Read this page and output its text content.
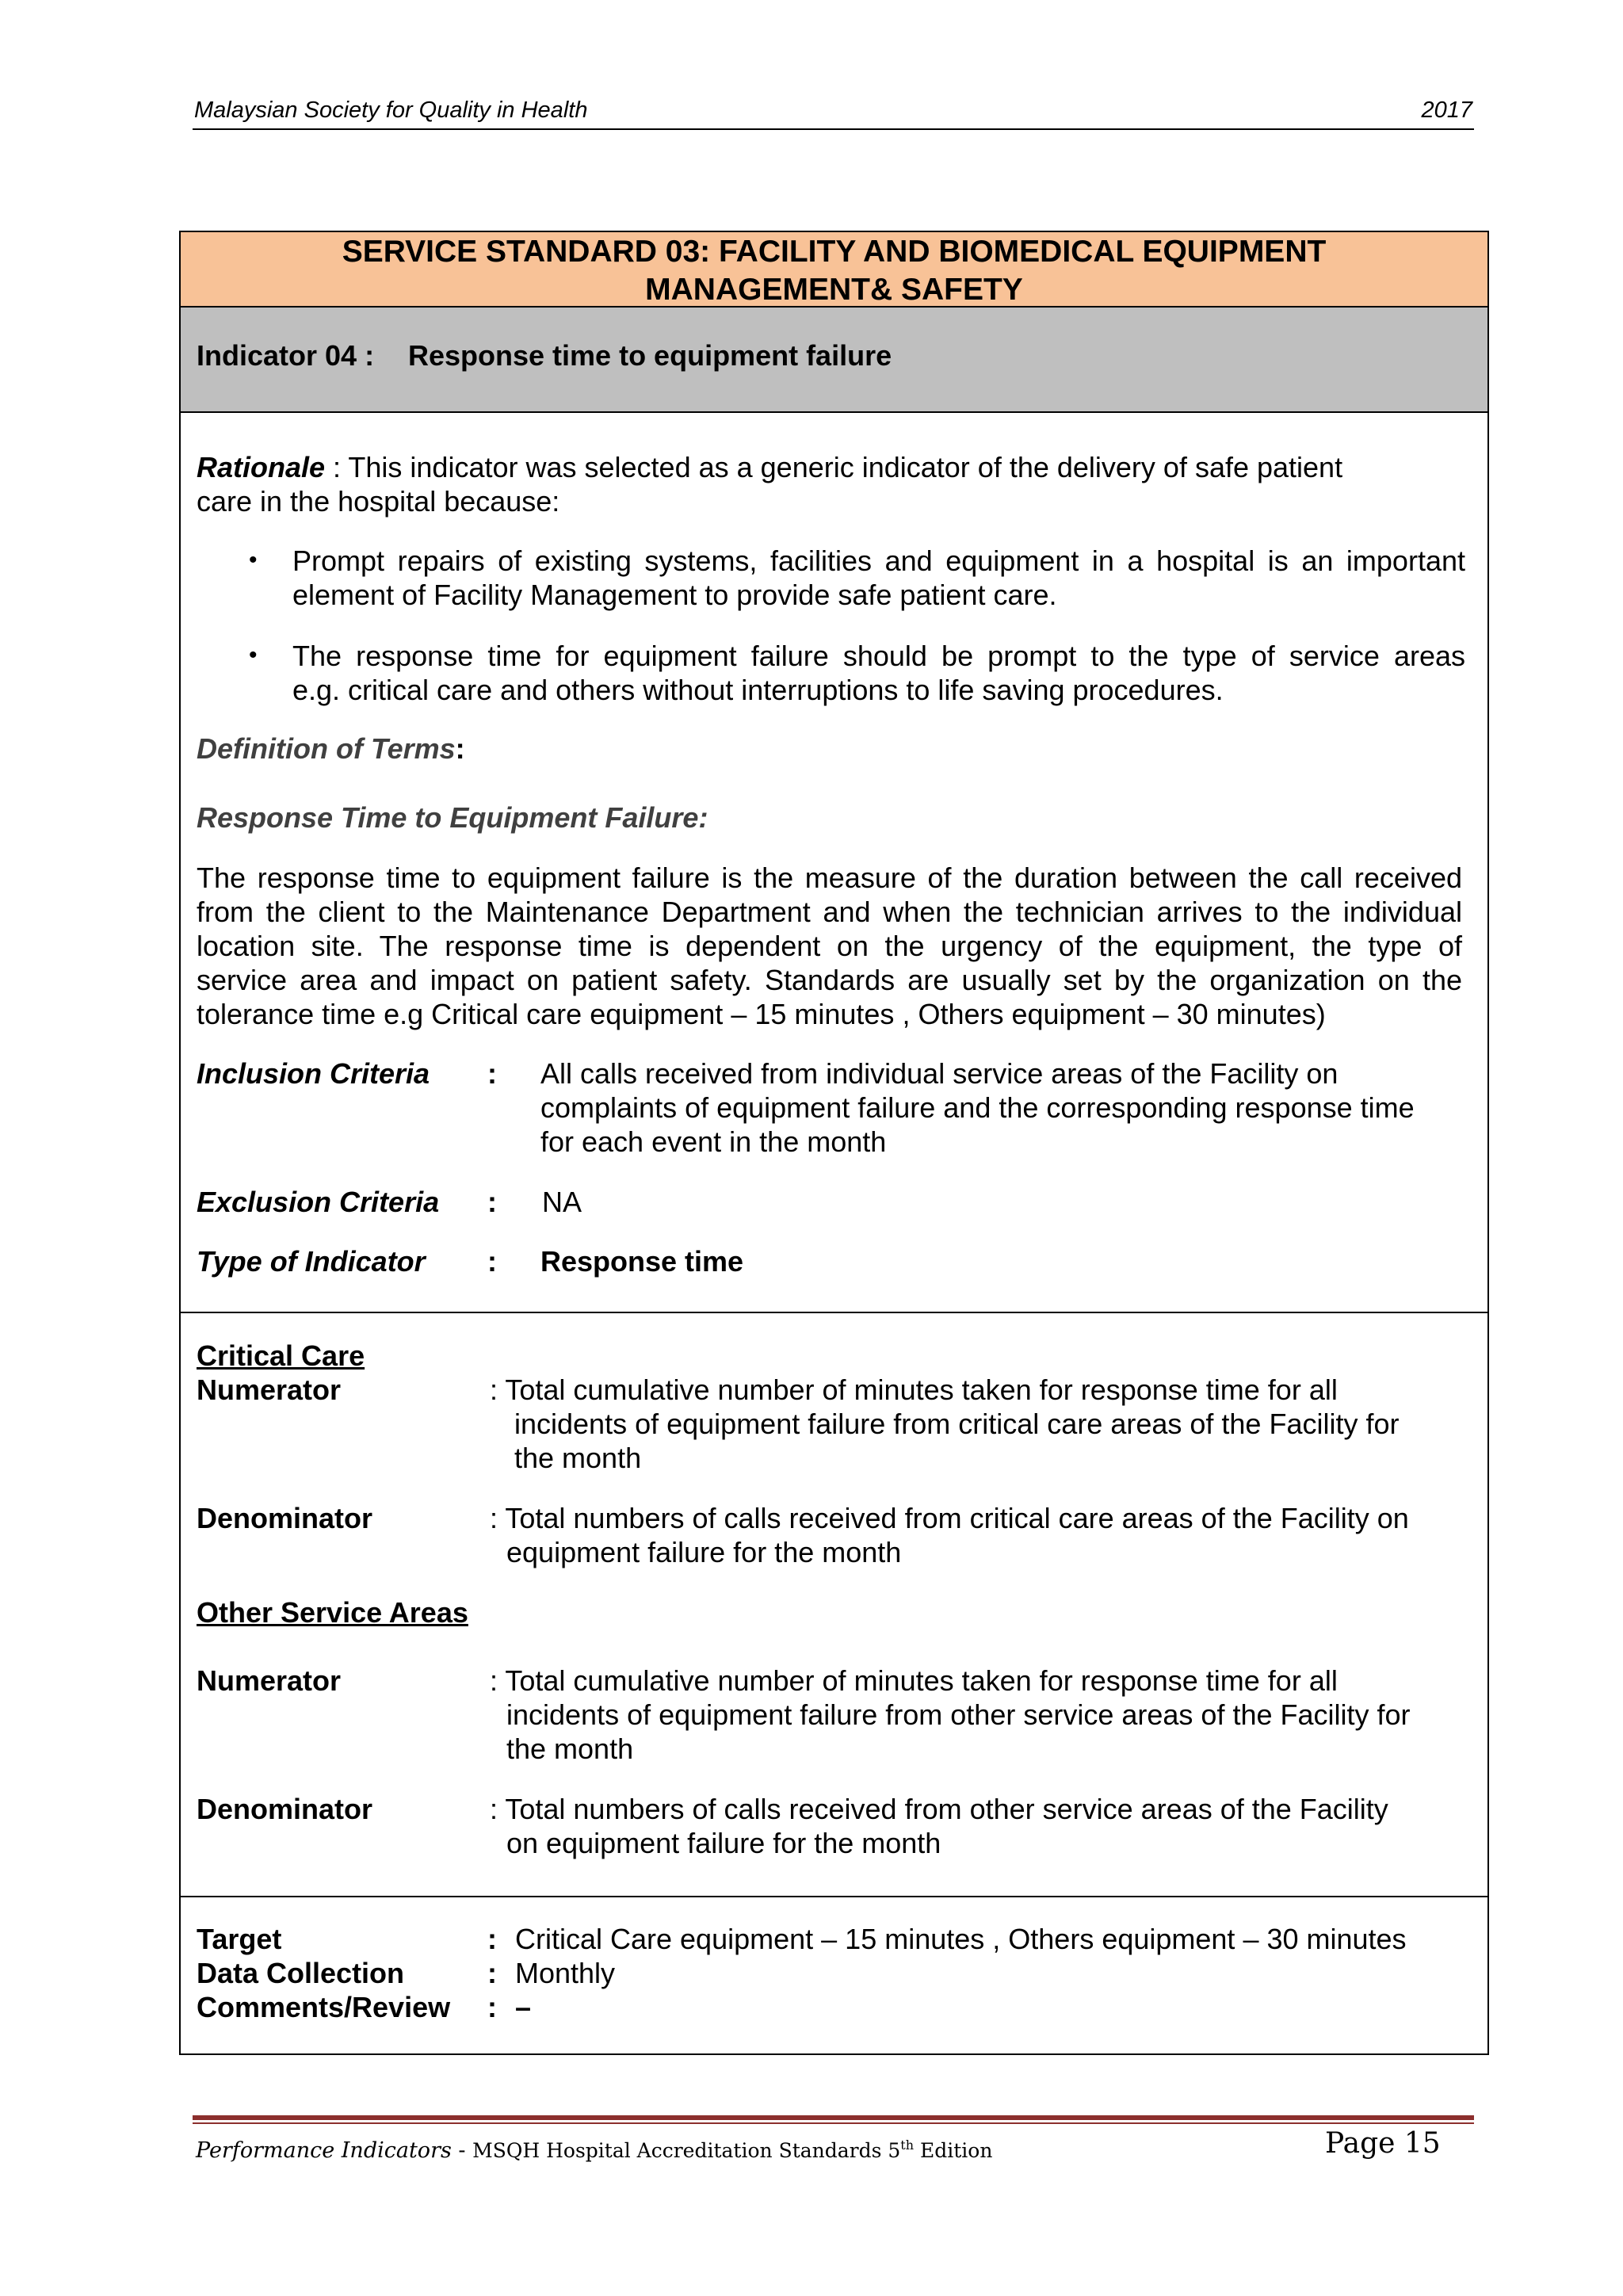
Malaysian Society for Quality in Health	2017
SERVICE STANDARD 03: FACILITY AND BIOMEDICAL EQUIPMENT
MANAGEMENT& SAFETY
Indicator 04 : Response time to equipment failure
Rationale : This indicator was selected as a generic indicator of the delivery of safe patient
care in the hospital because:
• Prompt repairs of existing systems, facilities and equipment in a hospital is an important
element of Facility Management to provide safe patient care.
• The response time for equipment failure should be prompt to the type of service areas
e.g. critical care and others without interruptions to life saving procedures.
Definition of Terms:
Response Time to Equipment Failure:
The response time to equipment failure is the measure of the duration between the call received
from the client to the Maintenance Department and when the technician arrives to the individual
location site. The response time is dependent on the urgency of the equipment, the type of
service area and impact on patient safety. Standards are usually set by the organization on the
tolerance time e.g Critical care equipment – 15 minutes , Others equipment – 30 minutes)
Inclusion Criteria : All calls received from individual service areas of the Facility on
complaints of equipment failure and the corresponding response time
for each event in the month
Exclusion Criteria : NA
Type of Indicator : Response time
Critical Care
Numerator	: Total cumulative number of minutes taken for response time for all
incidents of equipment failure from critical care areas of the Facility for
the month
Denominator	: Total numbers of calls received from critical care areas of the Facility on
equipment failure for the month
Other Service Areas
Numerator	: Total cumulative number of minutes taken for response time for all
incidents of equipment failure from other service areas of the Facility for
the month
Denominator	: Total numbers of calls received from other service areas of the Facility
on equipment failure for the month
Target	: Critical Care equipment – 15 minutes , Others equipment – 30 minutes
Data Collection	: Monthly
Comments/Review : –
Performance Indicators - MSQH Hospital Accreditation Standards 5th Edition	Page 15
